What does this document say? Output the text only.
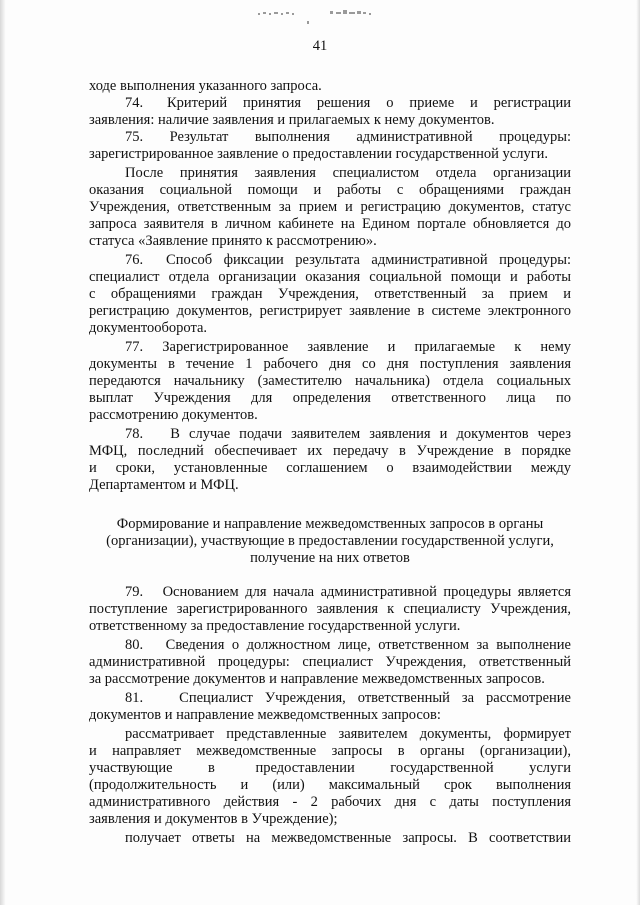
41
ходе выполнения указанного запроса.
74.   Критерий  принятия  решения  о  приеме  и  регистрации
заявления: наличие заявления и прилагаемых к нему документов.
75.   Результат   выполнения   административной   процедуры:
зарегистрированное заявление о предоставлении государственной услуги.
После принятия заявления специалистом отдела организации
оказания социальной помощи и работы с обращениями граждан
Учреждения, ответственным за прием и регистрацию документов, статус
запроса заявителя в личном кабинете на Едином портале обновляется до
статуса «Заявление принято к рассмотрению».
76.  Способ фиксации результата административной процедуры:
специалист отдела организации оказания социальной помощи и работы
с обращениями граждан Учреждения, ответственный за прием и
регистрацию документов, регистрирует заявление в системе электронного
документооборота.
77.   Зарегистрированное   заявление   и   прилагаемые   к   нему
документы в течение 1 рабочего дня со дня поступления заявления
передаются начальнику (заместителю начальника) отдела социальных
выплат Учреждения для определения ответственного лица по
рассмотрению документов.
78.   В случае подачи заявителем заявления и документов через
МФЦ, последний обеспечивает их передачу в Учреждение в порядке
и сроки, установленные соглашением о взаимодействии между
Департаментом и МФЦ.
Формирование и направление межведомственных запросов в органы
(организации), участвующие в предоставлении государственной услуги,
получение на них ответов
79.   Основанием для начала административной процедуры является
поступление зарегистрированного заявления к специалисту Учреждения,
ответственному за предоставление государственной услуги.
80.   Сведения о должностном лице, ответственном за выполнение
административной процедуры: специалист Учреждения, ответственный
за рассмотрение документов и направление межведомственных запросов.
81.   Специалист Учреждения, ответственный за рассмотрение
документов и направление межведомственных запросов:
рассматривает представленные заявителем документы, формирует
и направляет межведомственные запросы в органы (организации),
участвующие       в        предоставлении       государственной       услуги
(продолжительность и (или) максимальный срок выполнения
административного действия - 2 рабочих дня с даты поступления
заявления и документов в Учреждение);
получает ответы на межведомственные запросы. В соответствии
